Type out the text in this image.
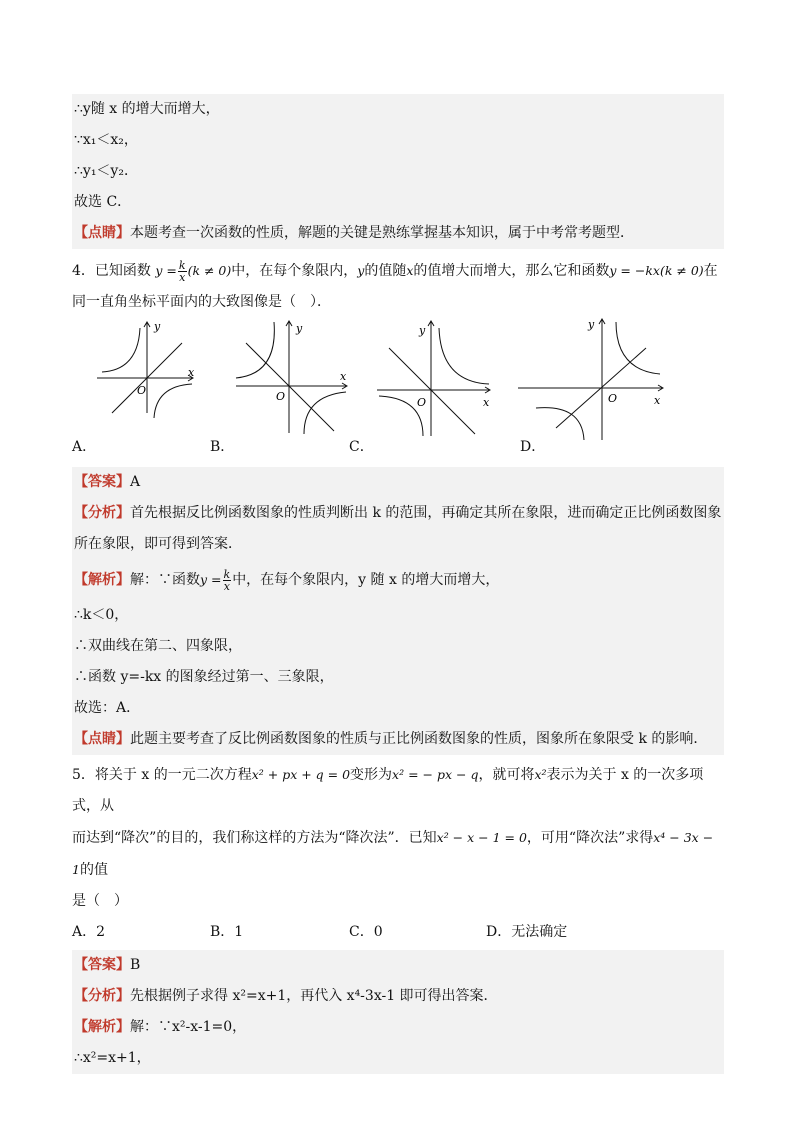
∴y随 x 的增大而增大，
∵x₁＜x₂，
∴y₁＜y₂．
故选 C．
【点睛】本题考查一次函数的性质，解题的关键是熟练掌握基本知识，属于中考常考题型．
4．已知函数 $y = \frac{k}{x} (k \ne 0)$中，在每个象限内，y的值随x的值增大而增大，那么它和函数y = −kx(k ≠ 0)在
同一直角坐标平面内的大致图像是（　）．
y
x
O
A．
y
x
O
B．
y
x
O
C．
y
x
O
D．
【答案】A
【分析】首先根据反比例函数图象的性质判断出 k 的范围，再确定其所在象限，进而确定正比例函数图象
所在象限，即可得到答案．
【解析】解：∵函数$y = \frac{k}{x}$ 中，在每个象限内，y 随 x 的增大而增大，
∴k＜0，
∴双曲线在第二、四象限，
∴函数 y=-kx 的图象经过第一、三象限，
故选：A．
【点睛】此题主要考查了反比例函数图象的性质与正比例函数图象的性质，图象所在象限受 k 的影响．
5．将关于 x 的一元二次方程x² + px + q = 0变形为x² = − px − q，就可将x²表示为关于 x 的一次多项式，从
而达到“降次”的目的，我们称这样的方法为“降次法”．已知x² − x − 1 = 0，可用“降次法”求得x⁴ − 3x − 1的值
是（　）
A．2	B．1	C．0	D．无法确定
【答案】B
【分析】先根据例子求得 x²=x+1，再代入 x⁴-3x-1 即可得出答案．
【解析】解：∵x²-x-1=0，
∴x²=x+1，
